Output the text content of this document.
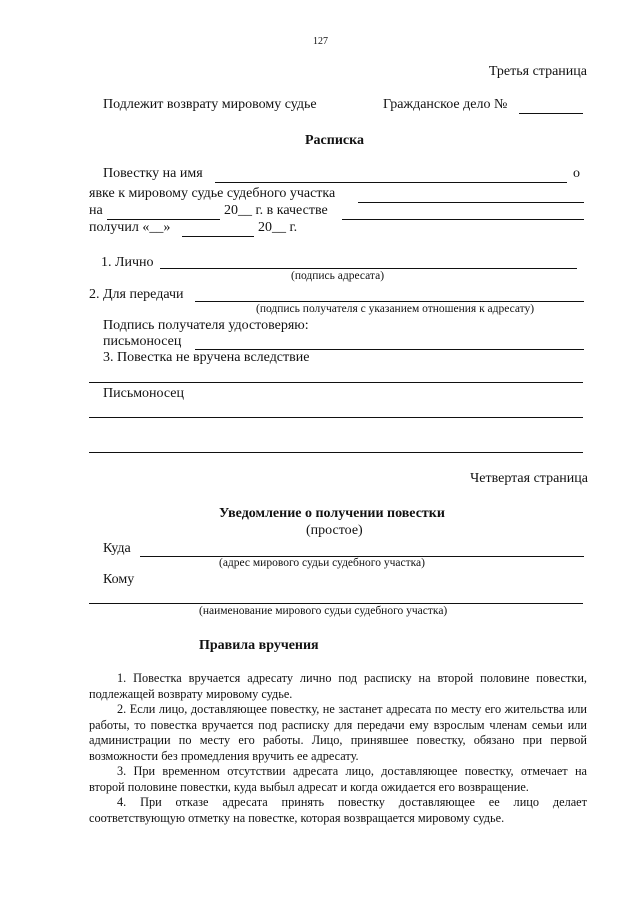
127
Третья страница
Подлежит возврату мировому судье	Гражданское дело №
Расписка
Повестку на имя	о
явке к мировому судье судебного участка
на	20__ г. в качестве
получил «__»	20__ г.
1. Лично
(подпись адресата)
2. Для передачи
(подпись получателя с указанием отношения к адресату)
Подпись получателя удостоверяю:
письмоносец
3. Повестка не вручена вследствие
Письмоносец
Четвертая страница
Уведомление о получении повестки
(простое)
Куда
(адрес мирового судьи судебного участка)
Кому
(наименование мирового судьи судебного участка)
Правила вручения

1. Повестка вручается адресату лично под расписку на второй половине повестки, подлежащей возврату мировому судье.

2. Если лицо, доставляющее повестку, не застанет адресата по месту его жительства или работы, то повестка вручается под расписку для передачи ему взрослым членам семьи или администрации по месту его работы. Лицо, принявшее повестку, обязано при первой возможности без промедления вручить ее адресату.

3. При временном отсутствии адресата лицо, доставляющее повестку, отмечает на второй половине повестки, куда выбыл адресат и когда ожидается его возвращение.

4. При отказе адресата принять повестку доставляющее ее лицо делает соответствующую отметку на повестке, которая возвращается мировому судье.
